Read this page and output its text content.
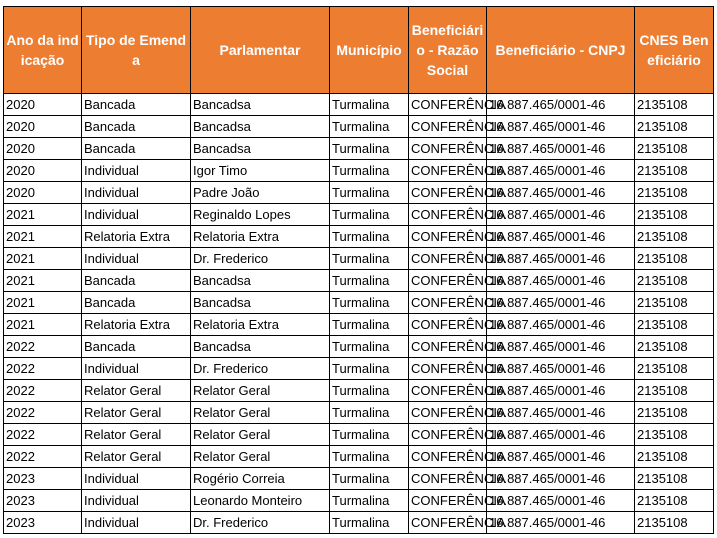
Ano da indicação	Tipo de Emenda	Parlamentar	Município	Beneficiário - Razão Social	Beneficiário - CNPJ	CNES Beneficiário
2020	Bancada	Bancadsa	Turmalina	CONFERÊNCIA	16.887.465/0001-46	2135108
2020	Bancada	Bancadsa	Turmalina	CONFERÊNCIA	16.887.465/0001-46	2135108
2020	Bancada	Bancadsa	Turmalina	CONFERÊNCIA	16.887.465/0001-46	2135108
2020	Individual	Igor Timo	Turmalina	CONFERÊNCIA	16.887.465/0001-46	2135108
2020	Individual	Padre João	Turmalina	CONFERÊNCIA	16.887.465/0001-46	2135108
2021	Individual	Reginaldo Lopes	Turmalina	CONFERÊNCIA	16.887.465/0001-46	2135108
2021	Relatoria Extra	Relatoria Extra	Turmalina	CONFERÊNCIA	16.887.465/0001-46	2135108
2021	Individual	Dr. Frederico	Turmalina	CONFERÊNCIA	16.887.465/0001-46	2135108
2021	Bancada	Bancadsa	Turmalina	CONFERÊNCIA	16.887.465/0001-46	2135108
2021	Bancada	Bancadsa	Turmalina	CONFERÊNCIA	16.887.465/0001-46	2135108
2021	Relatoria Extra	Relatoria Extra	Turmalina	CONFERÊNCIA	16.887.465/0001-46	2135108
2022	Bancada	Bancadsa	Turmalina	CONFERÊNCIA	16.887.465/0001-46	2135108
2022	Individual	Dr. Frederico	Turmalina	CONFERÊNCIA	16.887.465/0001-46	2135108
2022	Relator Geral	Relator Geral	Turmalina	CONFERÊNCIA	16.887.465/0001-46	2135108
2022	Relator Geral	Relator Geral	Turmalina	CONFERÊNCIA	16.887.465/0001-46	2135108
2022	Relator Geral	Relator Geral	Turmalina	CONFERÊNCIA	16.887.465/0001-46	2135108
2022	Relator Geral	Relator Geral	Turmalina	CONFERÊNCIA	16.887.465/0001-46	2135108
2023	Individual	Rogério Correia	Turmalina	CONFERÊNCIA	16.887.465/0001-46	2135108
2023	Individual	Leonardo Monteiro	Turmalina	CONFERÊNCIA	16.887.465/0001-46	2135108
2023	Individual	Dr. Frederico	Turmalina	CONFERÊNCIA	16.887.465/0001-46	2135108
